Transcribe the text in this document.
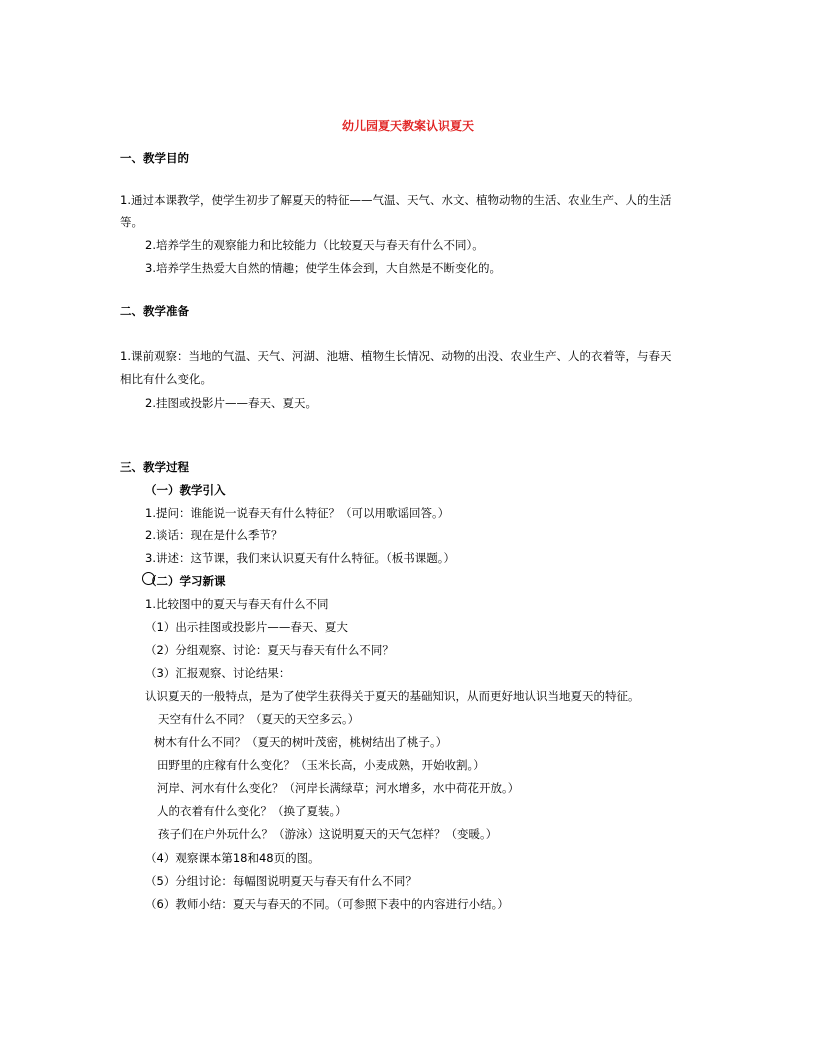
幼儿园夏天教案认识夏天
一、教学目的
1.通过本课教学，使学生初步了解夏天的特征——气温、天气、水文、植物动物的生活、农业生产、人的生活
等。
2.培养学生的观察能力和比较能力（比较夏天与春天有什么不同）。
3.培养学生热爱大自然的情趣；使学生体会到，大自然是不断变化的。
二、教学准备
1.课前观察：当地的气温、天气、河湖、池塘、植物生长情况、动物的出没、农业生产、人的衣着等，与春天
相比有什么变化。
2.挂图或投影片——春天、夏天。
三、教学过程
（一）教学引入
1.提问：谁能说一说春天有什么特征？（可以用歌谣回答。）
2.谈话：现在是什么季节？
3.讲述：这节课，我们来认识夏天有什么特征。（板书课题。）
（二）学习新课
1.比较图中的夏天与春天有什么不同
（1）出示挂图或投影片——春天、夏大
（2）分组观察、讨论：夏天与春天有什么不同？
（3）汇报观察、讨论结果：
认识夏天的一般特点，是为了使学生获得关于夏天的基础知识，从而更好地认识当地夏天的特征。
天空有什么不同？（夏天的天空多云。）
树木有什么不同？（夏天的树叶茂密，桃树结出了桃子。）
田野里的庄稼有什么变化？（玉米长高，小麦成熟，开始收割。）
河岸、河水有什么变化？（河岸长满绿草；河水增多，水中荷花开放。）
人的衣着有什么变化？（换了夏装。）
孩子们在户外玩什么？（游泳）这说明夏天的天气怎样？（变暖。）
（4）观察课本第18和48页的图。
（5）分组讨论：每幅图说明夏天与春天有什么不同？
（6）教师小结：夏天与春天的不同。（可参照下表中的内容进行小结。）
